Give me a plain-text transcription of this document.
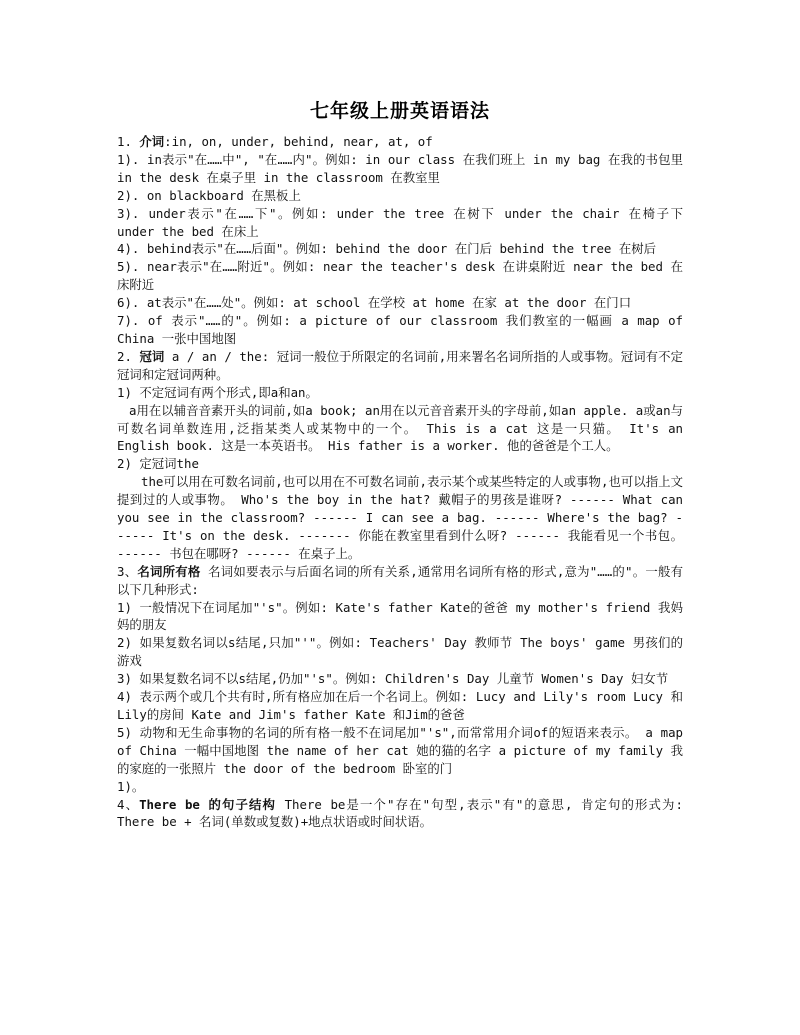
七年级上册英语语法

1. 介词:in, on, under, behind, near, at, of

1). in表示"在……中", "在……内"。例如: in our class 在我们班上 in my bag 在我的书包里 in the desk 在桌子里 in the classroom 在教室里

2). on blackboard 在黑板上

3). under表示"在……下"。例如: under the tree 在树下 under the chair 在椅子下 under the bed 在床上

4). behind表示"在……后面"。例如: behind the door 在门后 behind the tree 在树后

5). near表示"在……附近"。例如: near the teacher's desk 在讲桌附近 near the bed 在床附近

6). at表示"在……处"。例如: at school 在学校 at home 在家 at the door 在门口

7). of 表示"……的"。例如: a picture of our classroom 我们教室的一幅画 a map of China 一张中国地图

2. 冠词 a / an / the: 冠词一般位于所限定的名词前,用来署名名词所指的人或事物。冠词有不定冠词和定冠词两种。

1) 不定冠词有两个形式,即a和an。

a用在以辅音音素开头的词前,如a book; an用在以元音音素开头的字母前,如an apple. a或an与可数名词单数连用,泛指某类人或某物中的一个。 This is a cat 这是一只猫。 It's an English book. 这是一本英语书。 His father is a worker. 他的爸爸是个工人。

2) 定冠词the

the可以用在可数名词前,也可以用在不可数名词前,表示某个或某些特定的人或事物,也可以指上文提到过的人或事物。 Who's the boy in the hat? 戴帽子的男孩是谁呀? ------ What can you see in the classroom? ------ I can see a bag. ------ Where's the bag? ------ It's on the desk. ------- 你能在教室里看到什么呀? ------ 我能看见一个书包。 ------ 书包在哪呀? ------ 在桌子上。

3、名词所有格 名词如要表示与后面名词的所有关系,通常用名词所有格的形式,意为"……的"。一般有以下几种形式:

1) 一般情况下在词尾加"'s"。例如: Kate's father Kate的爸爸 my mother's friend 我妈妈的朋友

2) 如果复数名词以s结尾,只加"'"。例如: Teachers' Day 教师节 The boys' game 男孩们的游戏

3) 如果复数名词不以s结尾,仍加"'s"。例如: Children's Day 儿童节 Women's Day 妇女节

4) 表示两个或几个共有时,所有格应加在后一个名词上。例如: Lucy and Lily's room Lucy 和Lily的房间 Kate and Jim's father Kate 和Jim的爸爸

5) 动物和无生命事物的名词的所有格一般不在词尾加"'s",而常常用介词of的短语来表示。 a map of China 一幅中国地图 the name of her cat 她的猫的名字 a picture of my family 我的家庭的一张照片 the door of the bedroom 卧室的门

1)。

4、There be 的句子结构 There be是一个"存在"句型,表示"有"的意思, 肯定句的形式为: There be + 名词(单数或复数)+地点状语或时间状语。
